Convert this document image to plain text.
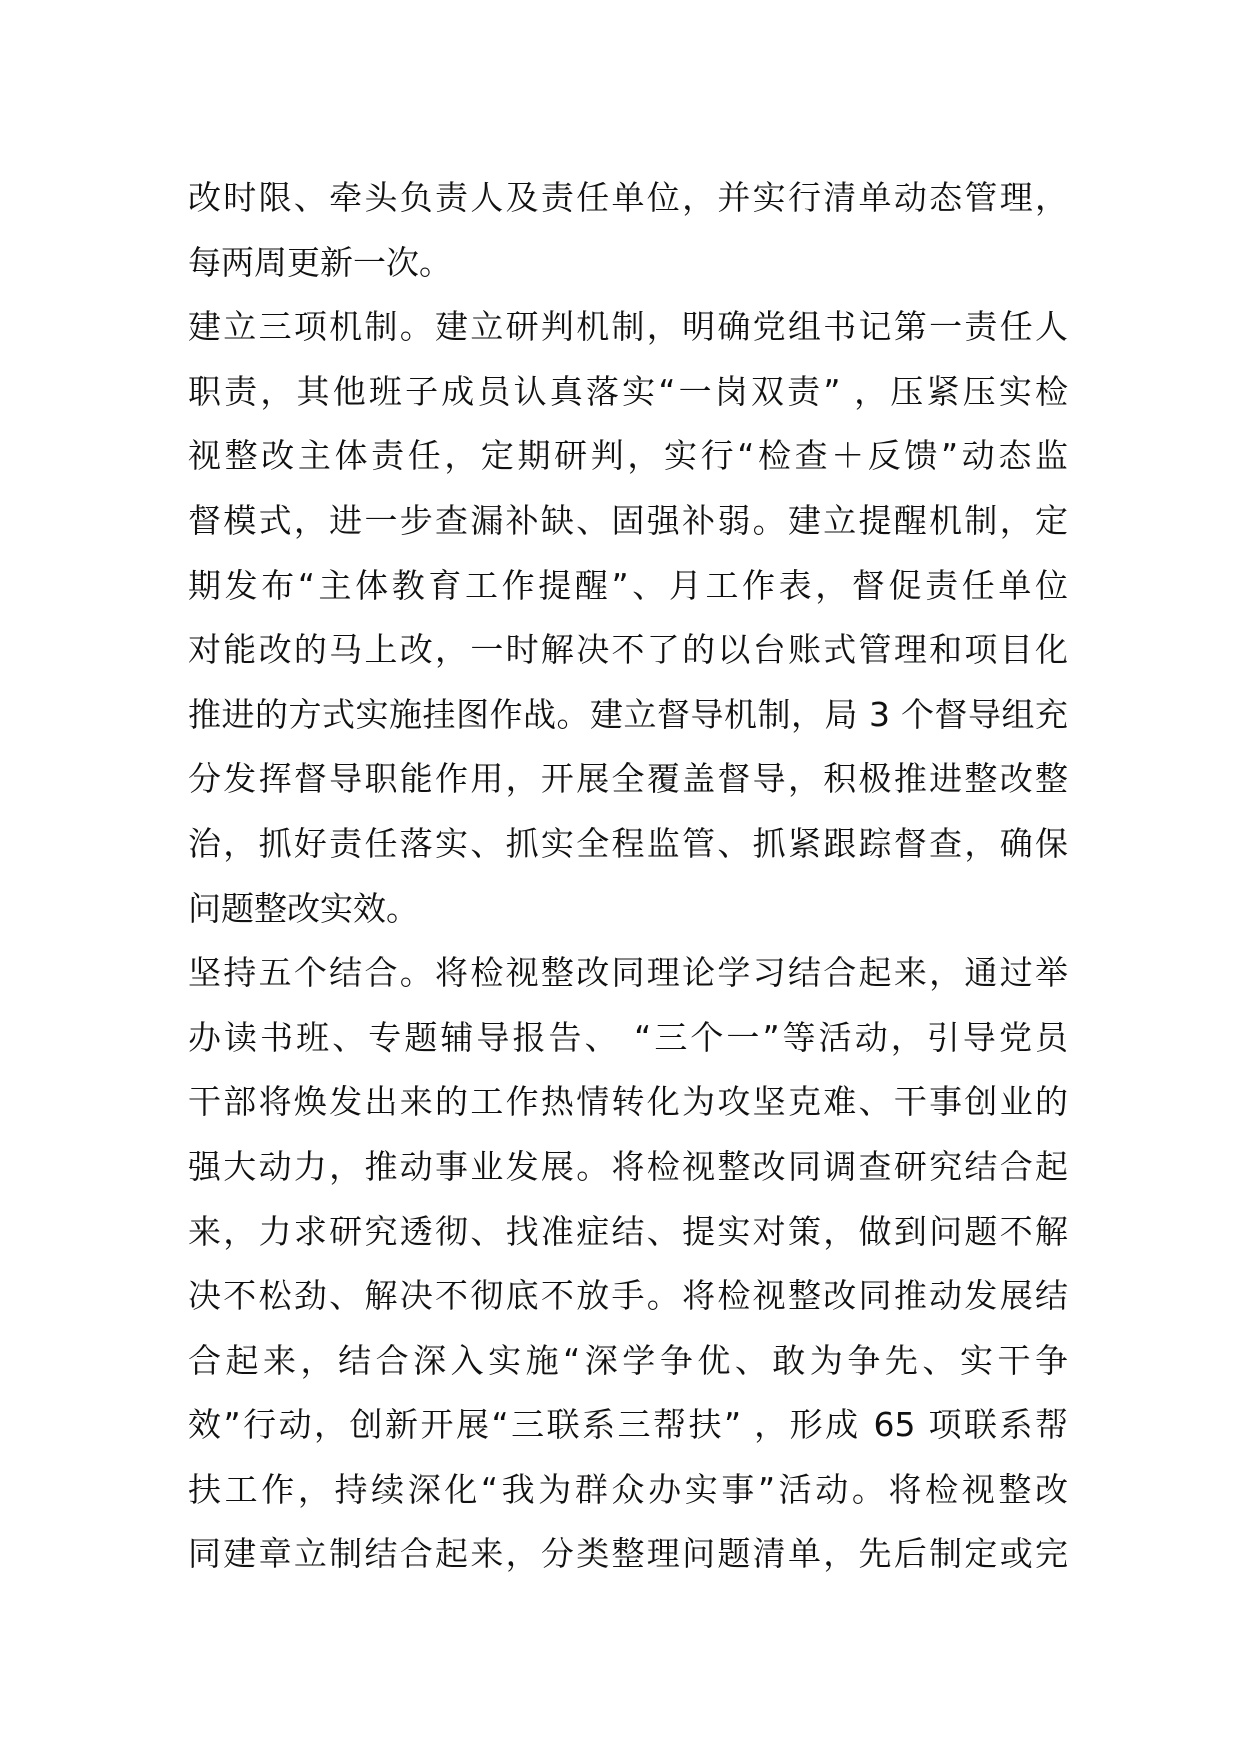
改时限、牵头负责人及责任单位，并实行清单动态管理，
每两周更新一次。
建立三项机制。建立研判机制，明确党组书记第一责任人
职责，其他班子成员认真落实“一岗双责” ，压紧压实检
视整改主体责任，定期研判，实行“检查＋反馈”动态监
督模式，进一步查漏补缺、固强补弱。建立提醒机制，定
期发布“主体教育工作提醒”、月工作表，督促责任单位
对能改的马上改，一时解决不了的以台账式管理和项目化
推进的方式实施挂图作战。建立督导机制，局 3 个督导组充
分发挥督导职能作用，开展全覆盖督导，积极推进整改整
治，抓好责任落实、抓实全程监管、抓紧跟踪督查，确保
问题整改实效。
坚持五个结合。将检视整改同理论学习结合起来，通过举
办读书班、专题辅导报告、 “三个一”等活动，引导党员
干部将焕发出来的工作热情转化为攻坚克难、干事创业的
强大动力，推动事业发展。将检视整改同调查研究结合起
来，力求研究透彻、找准症结、提实对策，做到问题不解
决不松劲、解决不彻底不放手。将检视整改同推动发展结
合起来，结合深入实施“深学争优、敢为争先、实干争
效”行动，创新开展“三联系三帮扶” ，形成 65 项联系帮
扶工作，持续深化“我为群众办实事”活动。将检视整改
同建章立制结合起来，分类整理问题清单，先后制定或完
